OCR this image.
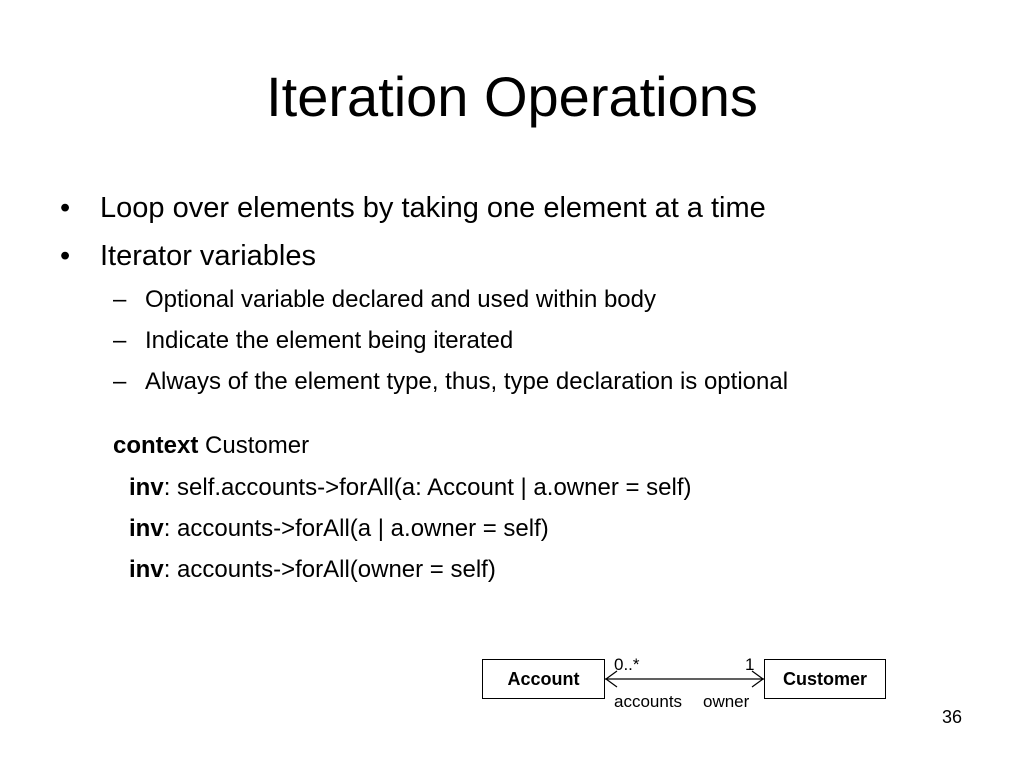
Iteration Operations
• Loop over elements by taking one element at a time
• Iterator variables
– Optional variable declared and used within body
– Indicate the element being iterated
– Always of the element type, thus, type declaration is optional
context Customer
inv: self.accounts->forAll(a: Account | a.owner = self)
inv: accounts->forAll(a | a.owner = self)
inv: accounts->forAll(owner = self)
Account	Customer
0..*	1
accounts owner
36
